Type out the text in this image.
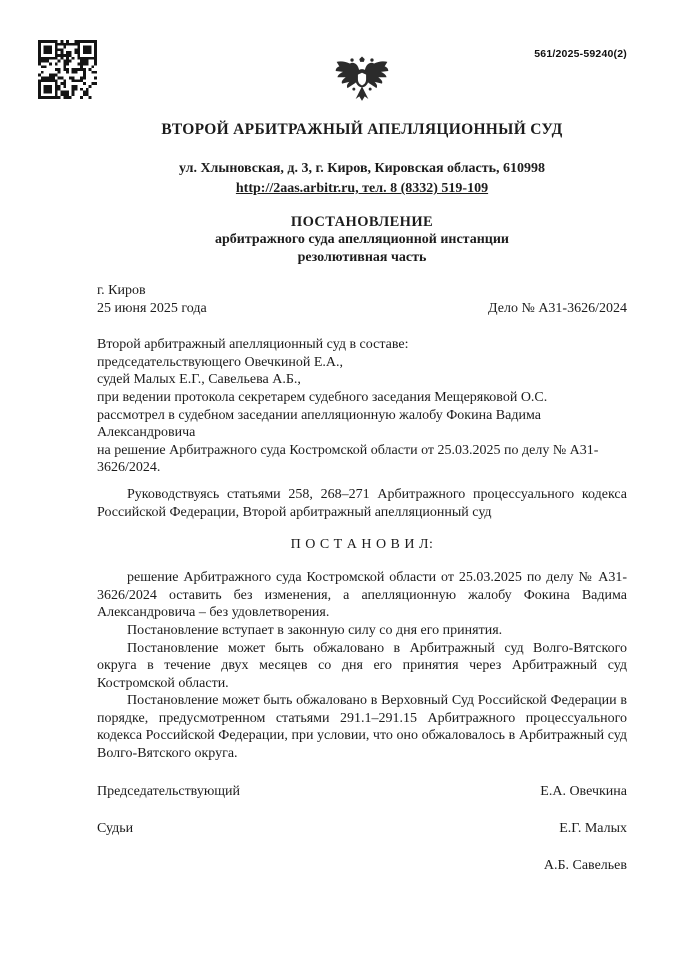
561/2025-59240(2)
ВТОРОЙ АРБИТРАЖНЫЙ АПЕЛЛЯЦИОННЫЙ СУД
ул. Хлыновская, д. 3, г. Киров, Кировская область, 610998
http://2aas.arbitr.ru, тел. 8 (8332) 519-109
ПОСТАНОВЛЕНИЕ
арбитражного суда апелляционной инстанции
резолютивная часть
г. Киров
25 июня 2025 года	Дело № А31-3626/2024

Второй арбитражный апелляционный суд в составе:

председательствующего Овечкиной Е.А.,

судей Малых Е.Г., Савельева А.Б.,

при ведении протокола секретарем судебного заседания Мещеряковой О.С.

рассмотрел в судебном заседании апелляционную жалобу Фокина Вадима Александровича

на решение Арбитражного суда Костромской области от 25.03.2025 по делу № А31-3626/2024.

Руководствуясь статьями 258, 268–271 Арбитражного процессуального кодекса Российской Федерации, Второй арбитражный апелляционный суд

П О С Т А Н О В И Л:

решение Арбитражного суда Костромской области от 25.03.2025 по делу № А31-3626/2024 оставить без изменения, а апелляционную жалобу Фокина Вадима Александровича – без удовлетворения.

Постановление вступает в законную силу со дня его принятия.

Постановление может быть обжаловано в Арбитражный суд Волго-Вятского округа в течение двух месяцев со дня его принятия через Арбитражный суд Костромской области.

Постановление может быть обжаловано в Верховный Суд Российской Федерации в порядке, предусмотренном статьями 291.1–291.15 Арбитражного процессуального кодекса Российской Федерации, при условии, что оно обжаловалось в Арбитражный суд Волго-Вятского округа.

Председательствующий	Е.А. Овечкина
Судьи	Е.Г. Малых
А.Б. Савельев
